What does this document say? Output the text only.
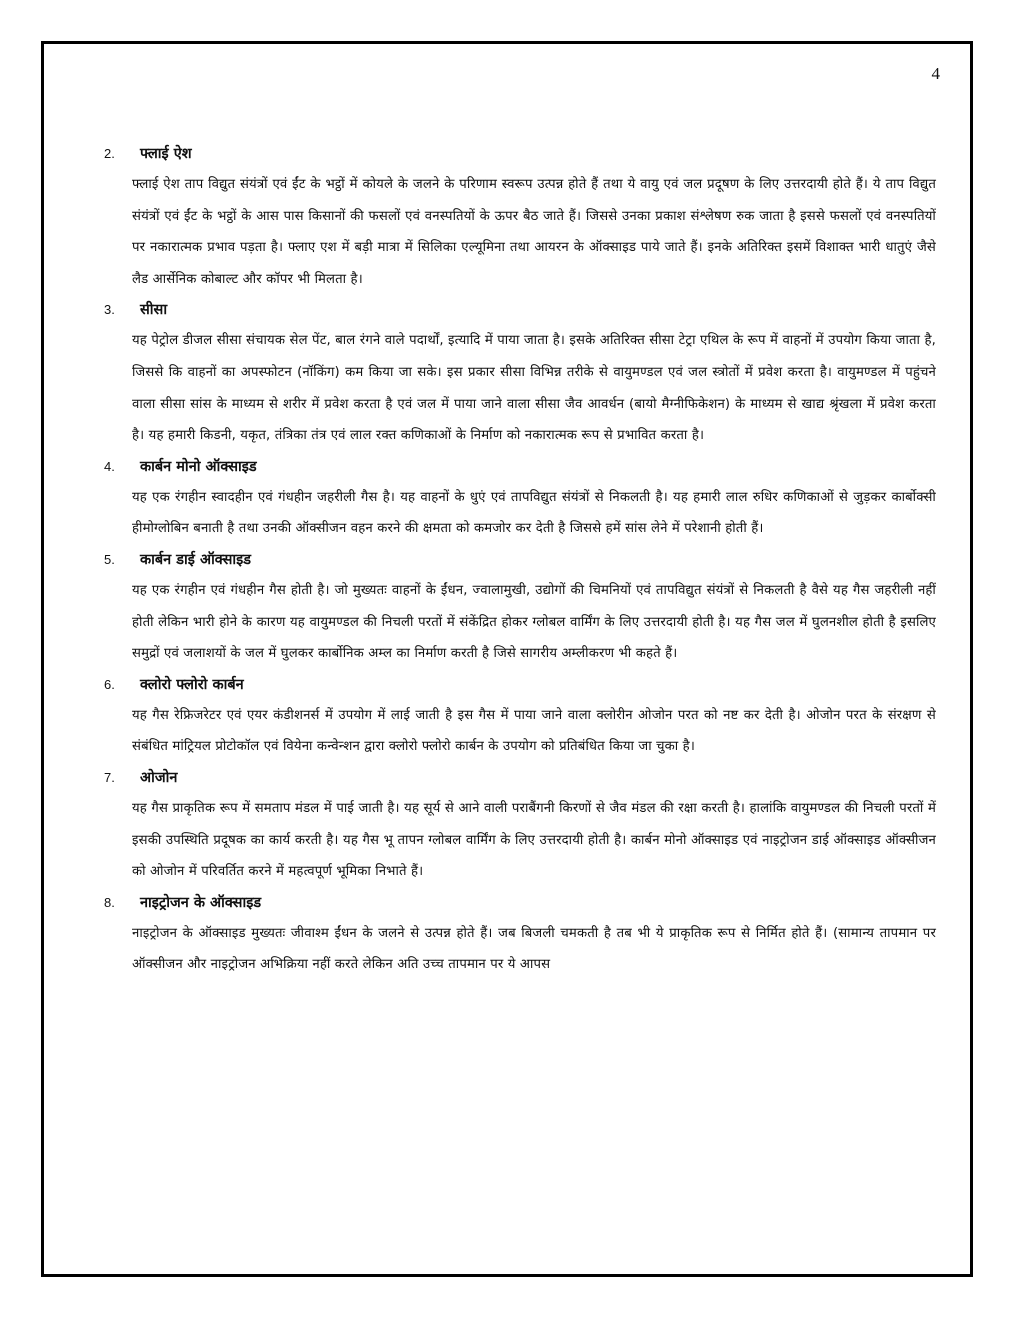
4
2.	फ्लाई ऐश

फ्लाई ऐश ताप विद्युत संयंत्रों एवं ईंट के भट्ठों में कोयले के जलने के परिणाम स्वरूप उत्पन्न होते हैं तथा ये वायु एवं जल प्रदूषण के लिए उत्तरदायी होते हैं। ये ताप विद्युत संयंत्रों एवं ईंट के भट्ठों के आस पास किसानों की फसलों एवं वनस्पतियों के ऊपर बैठ जाते हैं। जिससे उनका प्रकाश संश्लेषण रुक जाता है इससे फसलों एवं वनस्पतियों पर नकारात्मक प्रभाव पड़ता है। फ्लाए एश में बड़ी मात्रा में सिलिका एल्यूमिना तथा आयरन के ऑक्साइड पाये जाते हैं। इनके अतिरिक्त इसमें विशाक्त भारी धातुएं जैसे लैड आर्सेनिक कोबाल्ट और कॉपर भी मिलता है।

3.	सीसा

यह पेट्रोल डीजल सीसा संचायक सेल पेंट, बाल रंगने वाले पदार्थों, इत्यादि में पाया जाता है। इसके अतिरिक्त सीसा टेट्रा एथिल के रूप में वाहनों में उपयोग किया जाता है, जिससे कि वाहनों का अपस्फोटन (नॉकिंग) कम किया जा सके। इस प्रकार सीसा विभिन्न तरीके से वायुमण्डल एवं जल स्त्रोतों में प्रवेश करता है। वायुमण्डल में पहुंचने वाला सीसा सांस के माध्यम से शरीर में प्रवेश करता है एवं जल में पाया जाने वाला सीसा जैव आवर्धन (बायो मैग्नीफिकेशन) के माध्यम से खाद्य श्रृंखला में प्रवेश करता है। यह हमारी किडनी, यकृत, तंत्रिका तंत्र एवं लाल रक्त कणिकाओं के निर्माण को नकारात्मक रूप से प्रभावित करता है।

4.	कार्बन मोनो ऑक्साइड

यह एक रंगहीन स्वादहीन एवं गंधहीन जहरीली गैस है। यह वाहनों के धुएं एवं तापविद्युत संयंत्रों से निकलती है। यह हमारी लाल रुधिर कणिकाओं से जुड़कर कार्बोक्सी हीमोग्लोबिन बनाती है तथा उनकी ऑक्सीजन वहन करने की क्षमता को कमजोर कर देती है जिससे हमें सांस लेने में परेशानी होती हैं।

5.	कार्बन डाई ऑक्साइड

यह एक रंगहीन एवं गंधहीन गैस होती है। जो मुख्यतः वाहनों के ईंधन, ज्वालामुखी, उद्योगों की चिमनियों एवं तापविद्युत संयंत्रों से निकलती है वैसे यह गैस जहरीली नहीं होती लेकिन भारी होने के कारण यह वायुमण्डल की निचली परतों में संकेंद्रित होकर ग्लोबल वार्मिंग के लिए उत्तरदायी होती है। यह गैस जल में घुलनशील होती है इसलिए समुद्रों एवं जलाशयों के जल में घुलकर कार्बोनिक अम्ल का निर्माण करती है जिसे सागरीय अम्लीकरण भी कहते हैं।

6.	क्लोरो फ्लोरो कार्बन

यह गैस रेफ्रिजरेटर एवं एयर कंडीशनर्स में उपयोग में लाई जाती है इस गैस में पाया जाने वाला क्लोरीन ओजोन परत को नष्ट कर देती है। ओजोन परत के संरक्षण से संबंधित मांट्रियल प्रोटोकॉल एवं वियेना कन्वेन्शन द्वारा क्लोरो फ्लोरो कार्बन के उपयोग को प्रतिबंधित किया जा चुका है।

7.	ओजोन

यह गैस प्राकृतिक रूप में समताप मंडल में पाई जाती है। यह सूर्य से आने वाली पराबैंगनी किरणों से जैव मंडल की रक्षा करती है। हालांकि वायुमण्डल की निचली परतों में इसकी उपस्थिति प्रदूषक का कार्य करती है। यह गैस भू तापन ग्लोबल वार्मिंग के लिए उत्तरदायी होती है। कार्बन मोनो ऑक्साइड एवं नाइट्रोजन डाई ऑक्साइड ऑक्सीजन को ओजोन में परिवर्तित करने में महत्वपूर्ण भूमिका निभाते हैं।

8.	नाइट्रोजन के ऑक्साइड

नाइट्रोजन के ऑक्साइड मुख्यतः जीवाश्म ईंधन के जलने से उत्पन्न होते हैं। जब बिजली चमकती है तब भी ये प्राकृतिक रूप से निर्मित होते हैं। (सामान्य तापमान पर ऑक्सीजन और नाइट्रोजन अभिक्रिया नहीं करते लेकिन अति उच्च तापमान पर ये आपस
